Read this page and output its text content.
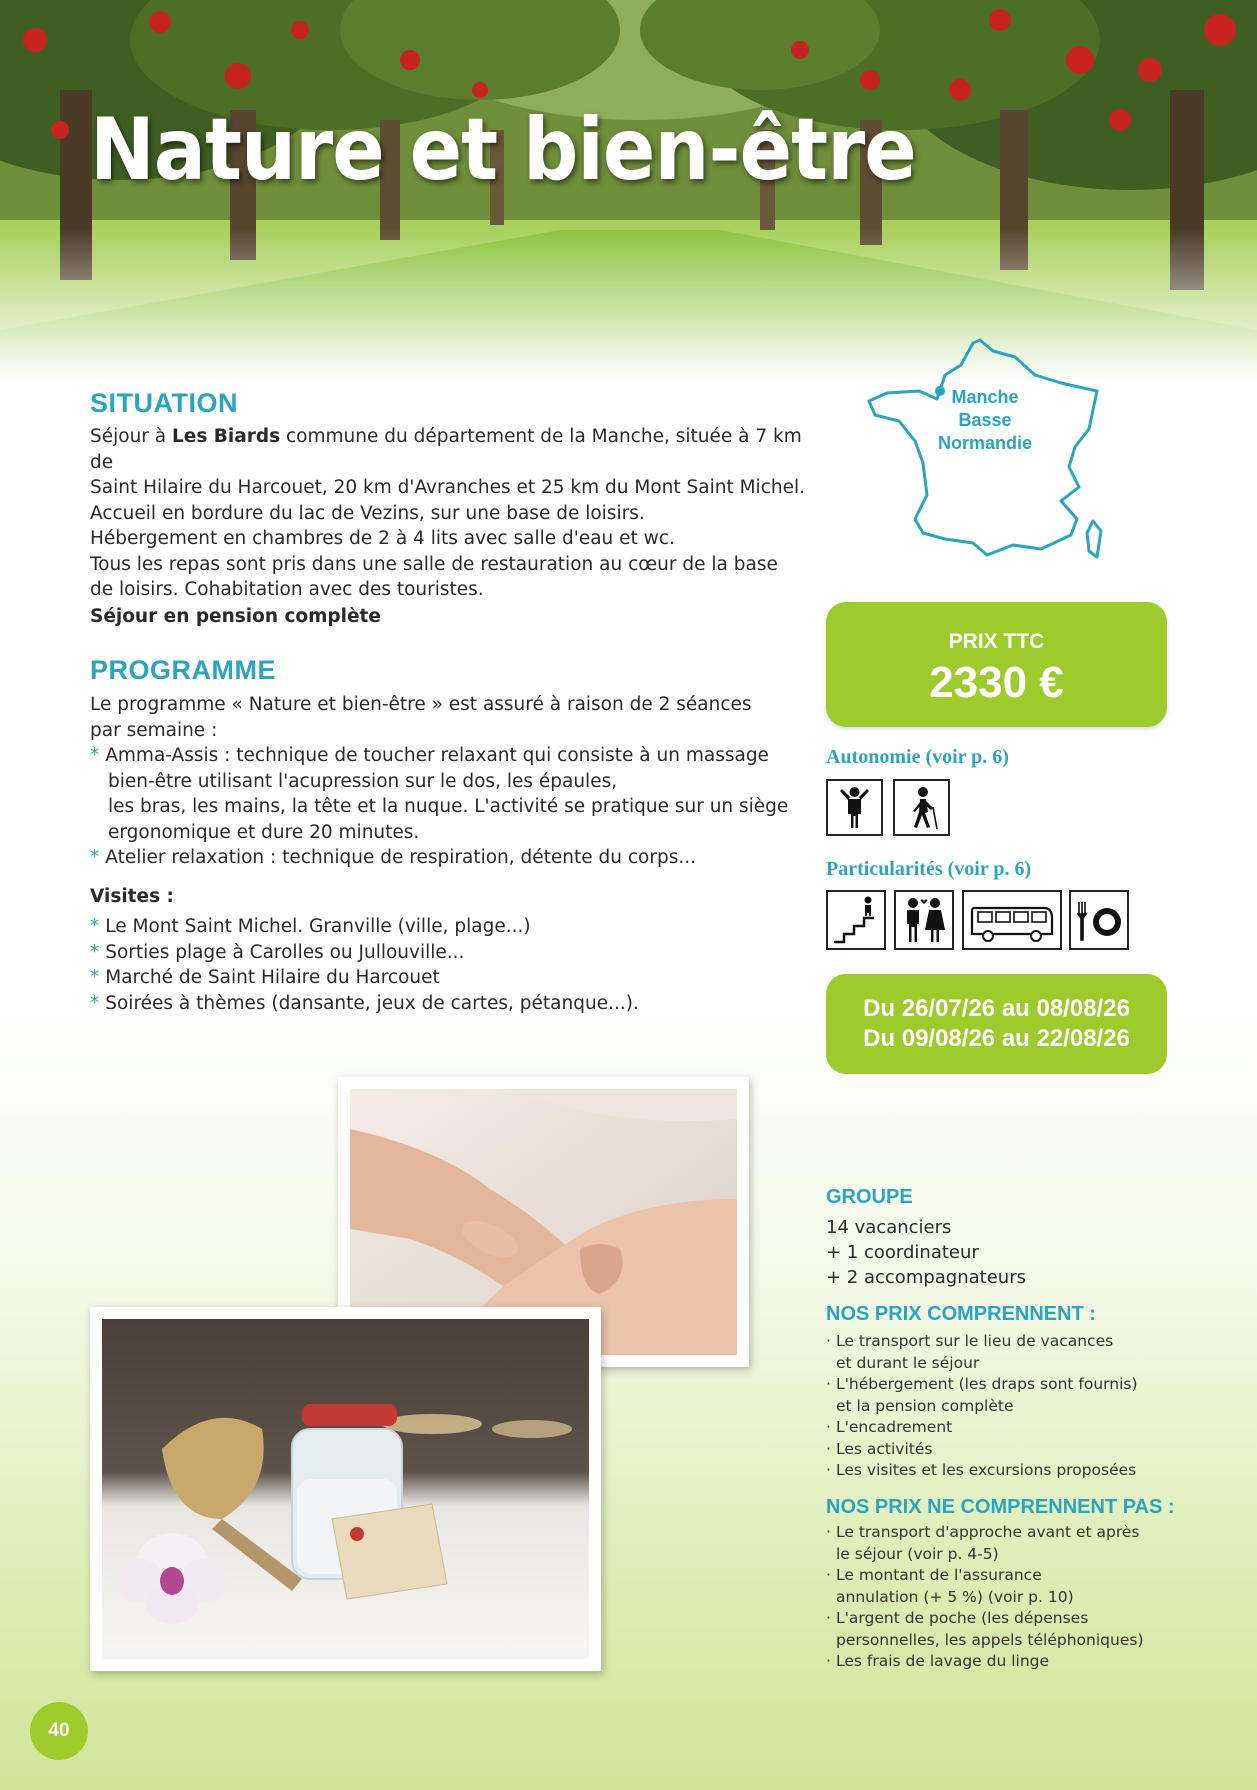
Nature et bien-être
SITUATION

Séjour à Les Biards commune du département de la Manche, située à 7 km de

Saint Hilaire du Harcouet, 20 km d'Avranches et 25 km du Mont Saint Michel.

Accueil en bordure du lac de Vezins, sur une base de loisirs.

Hébergement en chambres de 2 à 4 lits avec salle d'eau et wc.

Tous les repas sont pris dans une salle de restauration au cœur de la base

de loisirs. Cohabitation avec des touristes.

Séjour en pension complète

PROGRAMME

Le programme « Nature et bien-être » est assuré à raison de 2 séances

par semaine :

* Amma-Assis : technique de toucher relaxant qui consiste à un massage

bien-être utilisant l'acupression sur le dos, les épaules,

les bras, les mains, la tête et la nuque. L'activité se pratique sur un siège

ergonomique et dure 20 minutes.

* Atelier relaxation : technique de respiration, détente du corps...

Visites :

* Le Mont Saint Michel. Granville (ville, plage...)

* Sorties plage à Carolles ou Jullouville...

* Marché de Saint Hilaire du Harcouet

* Soirées à thèmes (dansante, jeux de cartes, pétanque...).

Manche
Basse
Normandie
PRIX TTC
2330 €

Autonomie (voir p. 6)

Particularités (voir p. 6)

Du 26/07/26 au 08/08/26

Du 09/08/26 au 22/08/26

GROUPE
14 vacanciers
+ 1 coordinateur
+ 2 accompagnateurs
NOS PRIX COMPRENNENT :
· Le transport sur le lieu de vacances
et durant le séjour
· L'hébergement (les draps sont fournis)
et la pension complète
· L'encadrement
· Les activités
· Les visites et les excursions proposées
NOS PRIX NE COMPRENNENT PAS :
· Le transport d'approche avant et après
le séjour (voir p. 4-5)
· Le montant de l'assurance
annulation (+ 5 %) (voir p. 10)
· L'argent de poche (les dépenses
personnelles, les appels téléphoniques)
· Les frais de lavage du linge
40
